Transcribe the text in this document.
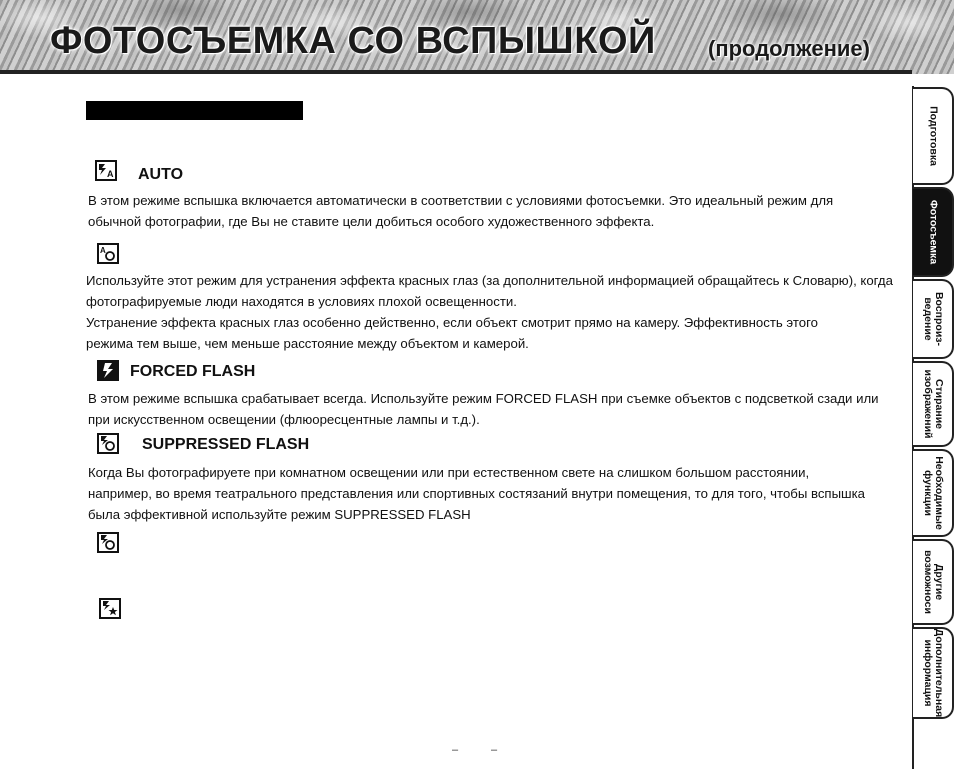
ФОТОСЪЕМКА СО ВСПЫШКОЙ (продолжение)
A AUTO

В этом режиме вспышка включается автоматически в соответствии с условиями фотосъемки. Это идеальный режим для обычной фотографии, где Вы не ставите цели добиться особого художественного эффекта.

A

Используйте этот режим для устранения эффекта красных глаз (за дополнительной информацией обращайтесь к Словарю), когда фотографируемые люди находятся в условиях плохой освещенности.

Устранение эффекта красных глаз особенно действенно, если объект смотрит прямо на камеру. Эффективность этого режима тем выше, чем меньше расстояние между объектом и камерой.

FORCED FLASH

В этом режиме вспышка срабатывает всегда. Используйте режим FORCED FLASH при съемке объектов с подсветкой сзади или при искусственном освещении (флюоресцентные лампы и т.д.).

SUPPRESSED FLASH

Когда Вы фотографируете при комнатном освещении или при естественном свете на слишком большом расстоянии, например, во время театрального представления или спортивных состязаний внутри помещения, то для того, чтобы вспышка была эффективной используйте режим SUPPRESSED FLASH

Подготовка
Фотосъемка
Воспроиз-
ведение
Стирание
изображений
Необходимые
функции
Другие
возможноси
Дополнительная
информация
–	–
